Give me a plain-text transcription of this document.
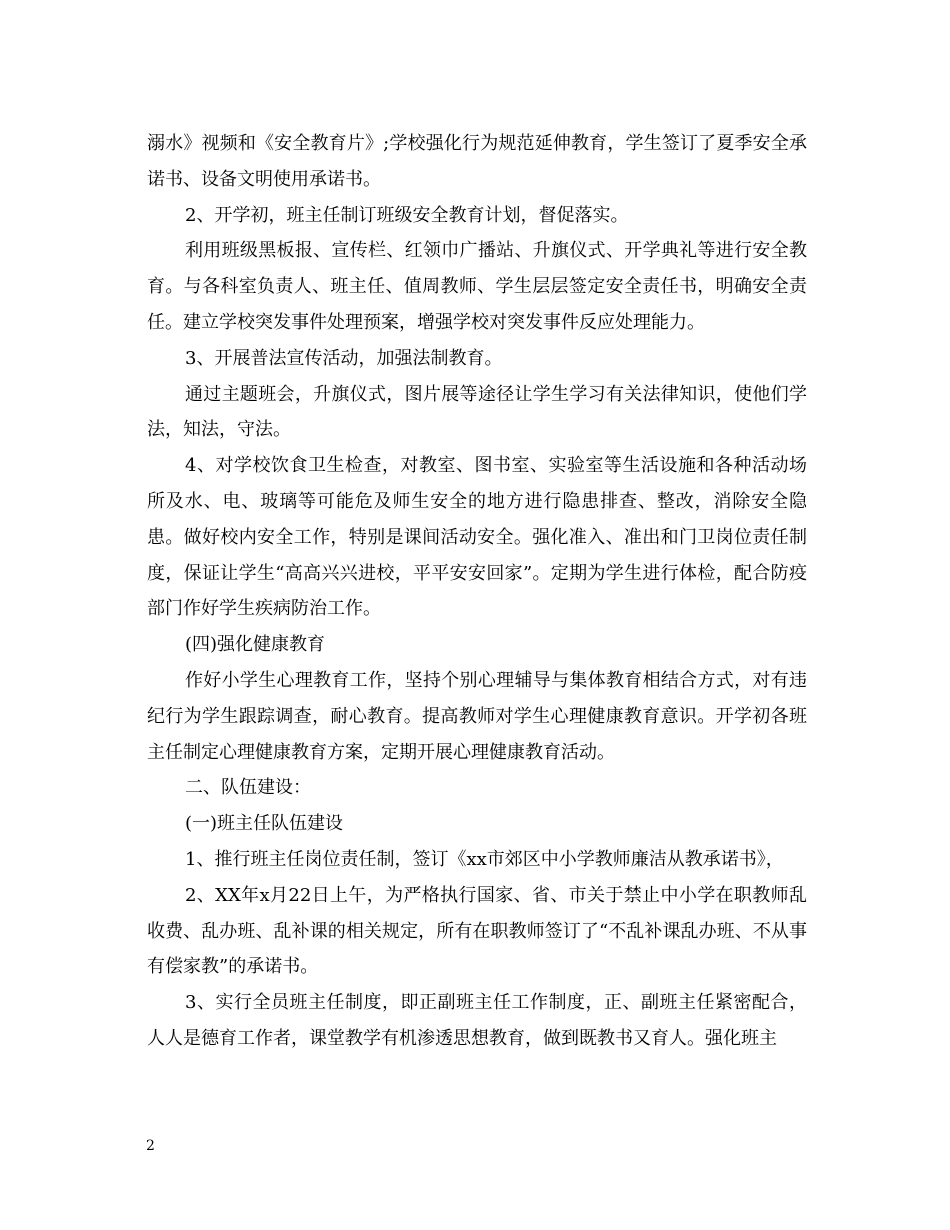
溺水》视频和《安全教育片》;学校强化行为规范延伸教育，学生签订了夏季安全承诺书、设备文明使用承诺书。

2、开学初，班主任制订班级安全教育计划，督促落实。

利用班级黑板报、宣传栏、红领巾广播站、升旗仪式、开学典礼等进行安全教育。与各科室负责人、班主任、值周教师、学生层层签定安全责任书，明确安全责任。建立学校突发事件处理预案，增强学校对突发事件反应处理能力。

3、开展普法宣传活动，加强法制教育。

通过主题班会，升旗仪式，图片展等途径让学生学习有关法律知识，使他们学法，知法，守法。

4、对学校饮食卫生检查，对教室、图书室、实验室等生活设施和各种活动场所及水、电、玻璃等可能危及师生安全的地方进行隐患排查、整改，消除安全隐患。做好校内安全工作，特别是课间活动安全。强化准入、准出和门卫岗位责任制度，保证让学生“高高兴兴进校，平平安安回家”。定期为学生进行体检，配合防疫部门作好学生疾病防治工作。

(四)强化健康教育

作好小学生心理教育工作，坚持个别心理辅导与集体教育相结合方式，对有违纪行为学生跟踪调查，耐心教育。提高教师对学生心理健康教育意识。开学初各班主任制定心理健康教育方案，定期开展心理健康教育活动。

二、队伍建设：

(一)班主任队伍建设

1、推行班主任岗位责任制，签订《xx市郊区中小学教师廉洁从教承诺书》，

2、XX年x月22日上午，为严格执行国家、省、市关于禁止中小学在职教师乱收费、乱办班、乱补课的相关规定，所有在职教师签订了“不乱补课乱办班、不从事有偿家教”的承诺书。

3、实行全员班主任制度，即正副班主任工作制度，正、副班主任紧密配合，人人是德育工作者，课堂教学有机渗透思想教育，做到既教书又育人。强化班主

2
